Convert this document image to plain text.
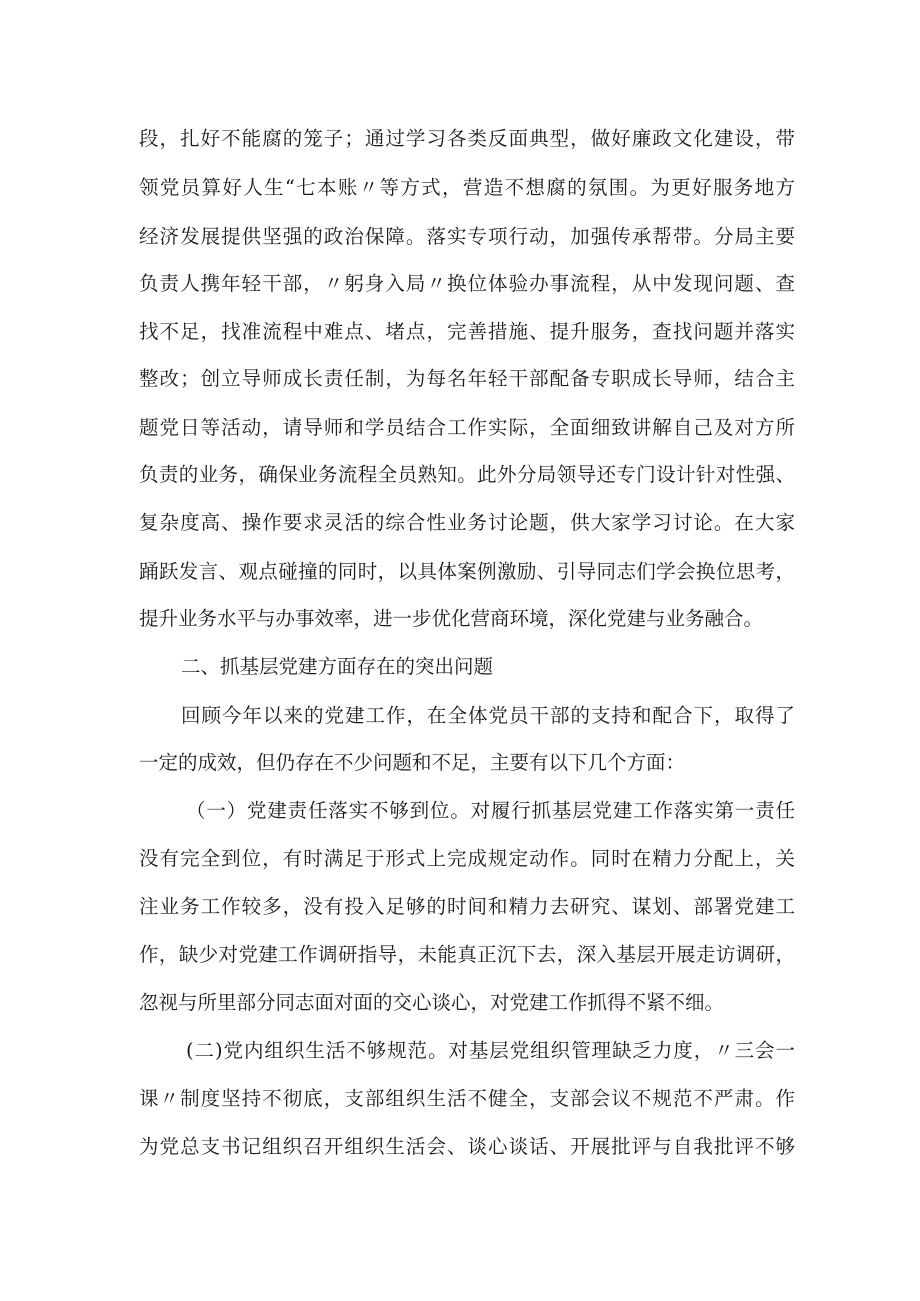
段，扎好不能腐的笼子；通过学习各类反面典型，做好廉政文化建设，带

领党员算好人生“七本账〃等方式，营造不想腐的氛围。为更好服务地方

经济发展提供坚强的政治保障。落实专项行动，加强传承帮带。分局主要

负责人携年轻干部，〃躬身入局〃换位体验办事流程，从中发现问题、查

找不足，找准流程中难点、堵点，完善措施、提升服务，查找问题并落实

整改；创立导师成长责任制，为每名年轻干部配备专职成长导师，结合主

题党日等活动，请导师和学员结合工作实际，全面细致讲解自己及对方所

负责的业务，确保业务流程全员熟知。此外分局领导还专门设计针对性强、

复杂度高、操作要求灵活的综合性业务讨论题，供大家学习讨论。在大家

踊跃发言、观点碰撞的同时，以具体案例激励、引导同志们学会换位思考，

提升业务水平与办事效率，进一步优化营商环境，深化党建与业务融合。

二、抓基层党建方面存在的突出问题

回顾今年以来的党建工作，在全体党员干部的支持和配合下，取得了

一定的成效，但仍存在不少问题和不足，主要有以下几个方面：

（一）党建责任落实不够到位。对履行抓基层党建工作落实第一责任

没有完全到位，有时满足于形式上完成规定动作。同时在精力分配上，关

注业务工作较多，没有投入足够的时间和精力去研究、谋划、部署党建工

作，缺少对党建工作调研指导，未能真正沉下去，深入基层开展走访调研，

忽视与所里部分同志面对面的交心谈心，对党建工作抓得不紧不细。

(二)党内组织生活不够规范。对基层党组织管理缺乏力度，〃三会一

课〃制度坚持不彻底，支部组织生活不健全，支部会议不规范不严肃。作

为党总支书记组织召开组织生活会、谈心谈话、开展批评与自我批评不够
